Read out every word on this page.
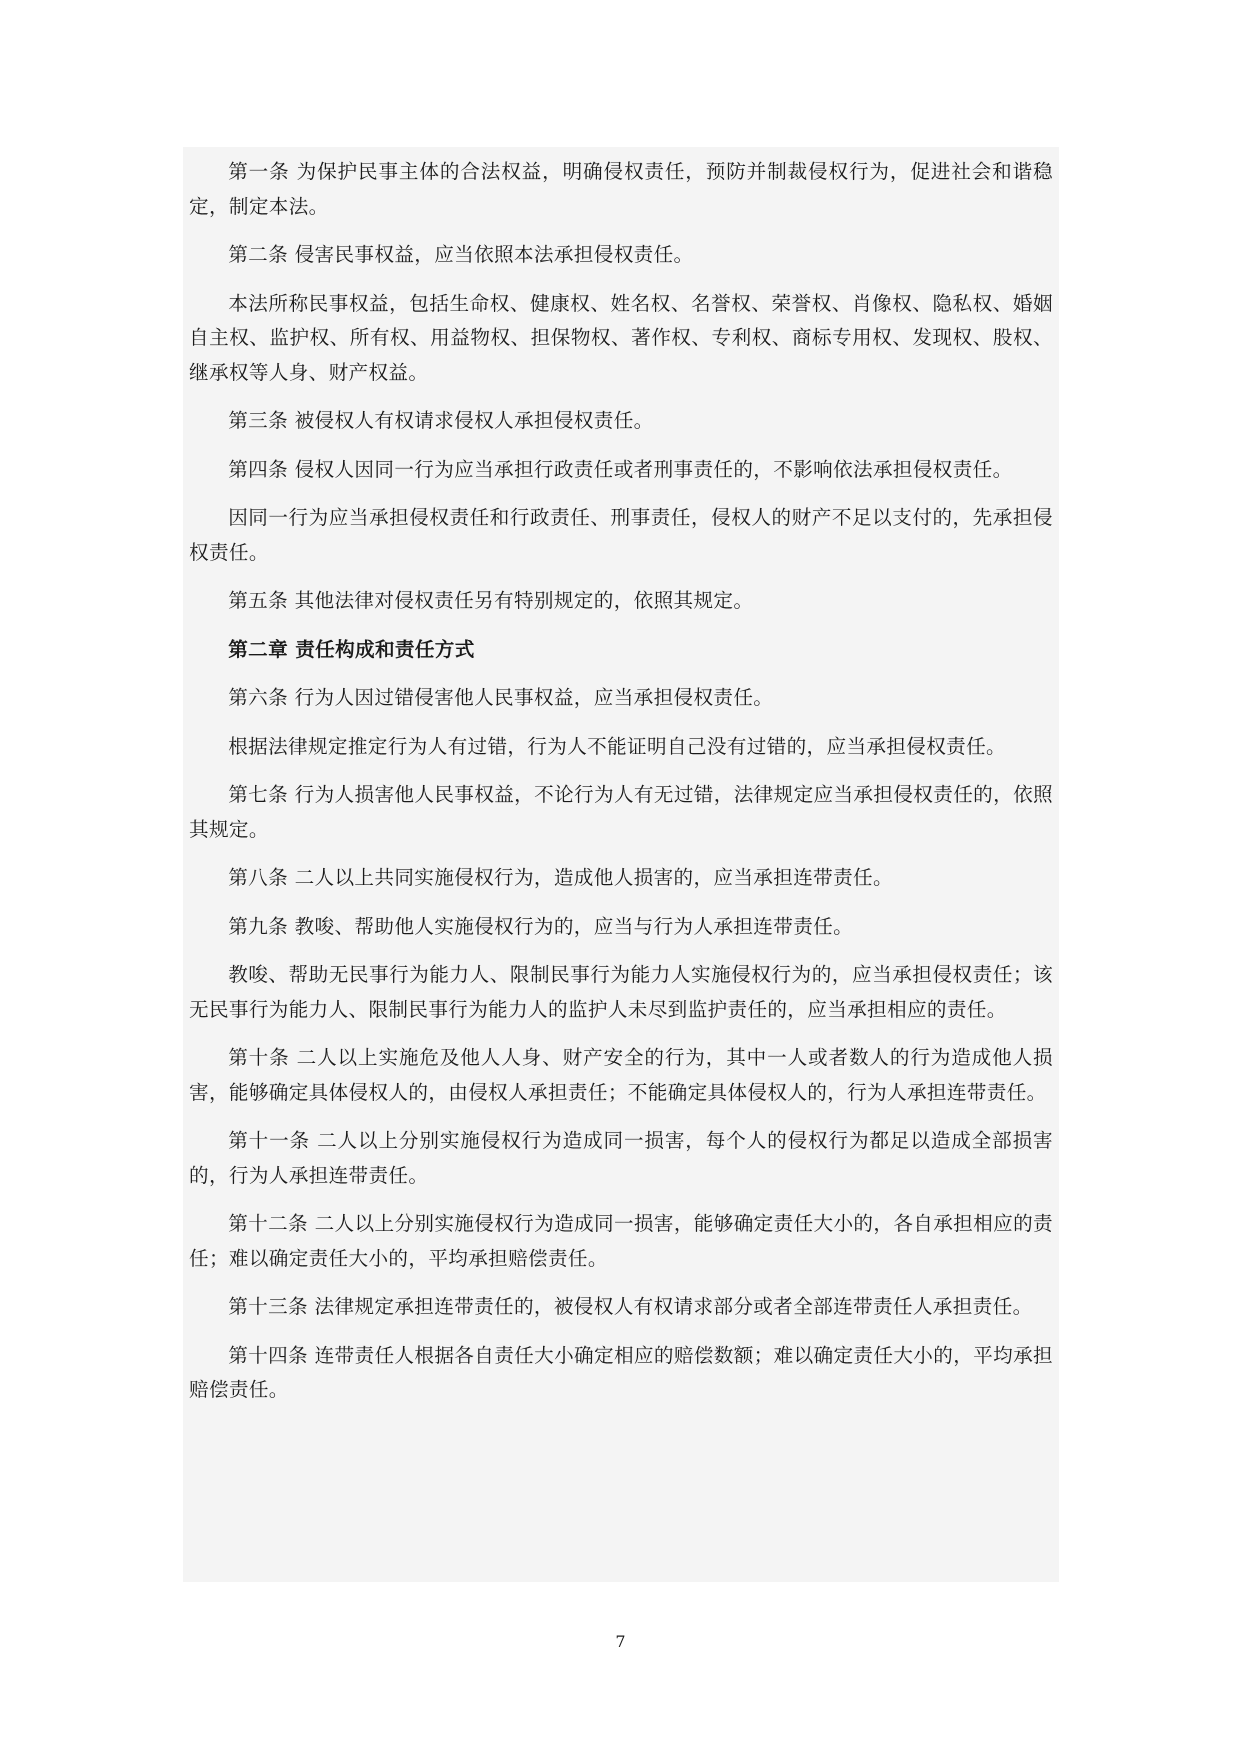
第一条 为保护民事主体的合法权益，明确侵权责任，预防并制裁侵权行为，促进社会和谐稳定，制定本法。

第二条 侵害民事权益，应当依照本法承担侵权责任。

本法所称民事权益，包括生命权、健康权、姓名权、名誉权、荣誉权、肖像权、隐私权、婚姻自主权、监护权、所有权、用益物权、担保物权、著作权、专利权、商标专用权、发现权、股权、继承权等人身、财产权益。

第三条 被侵权人有权请求侵权人承担侵权责任。

第四条 侵权人因同一行为应当承担行政责任或者刑事责任的，不影响依法承担侵权责任。

因同一行为应当承担侵权责任和行政责任、刑事责任，侵权人的财产不足以支付的，先承担侵权责任。

第五条 其他法律对侵权责任另有特别规定的，依照其规定。

第二章 责任构成和责任方式

第六条 行为人因过错侵害他人民事权益，应当承担侵权责任。

根据法律规定推定行为人有过错，行为人不能证明自己没有过错的，应当承担侵权责任。

第七条 行为人损害他人民事权益，不论行为人有无过错，法律规定应当承担侵权责任的，依照其规定。

第八条 二人以上共同实施侵权行为，造成他人损害的，应当承担连带责任。

第九条 教唆、帮助他人实施侵权行为的，应当与行为人承担连带责任。

教唆、帮助无民事行为能力人、限制民事行为能力人实施侵权行为的，应当承担侵权责任；该无民事行为能力人、限制民事行为能力人的监护人未尽到监护责任的，应当承担相应的责任。

第十条 二人以上实施危及他人人身、财产安全的行为，其中一人或者数人的行为造成他人损害，能够确定具体侵权人的，由侵权人承担责任；不能确定具体侵权人的，行为人承担连带责任。

第十一条 二人以上分别实施侵权行为造成同一损害，每个人的侵权行为都足以造成全部损害的，行为人承担连带责任。

第十二条 二人以上分别实施侵权行为造成同一损害，能够确定责任大小的，各自承担相应的责任；难以确定责任大小的，平均承担赔偿责任。

第十三条 法律规定承担连带责任的，被侵权人有权请求部分或者全部连带责任人承担责任。

第十四条 连带责任人根据各自责任大小确定相应的赔偿数额；难以确定责任大小的，平均承担赔偿责任。

7
